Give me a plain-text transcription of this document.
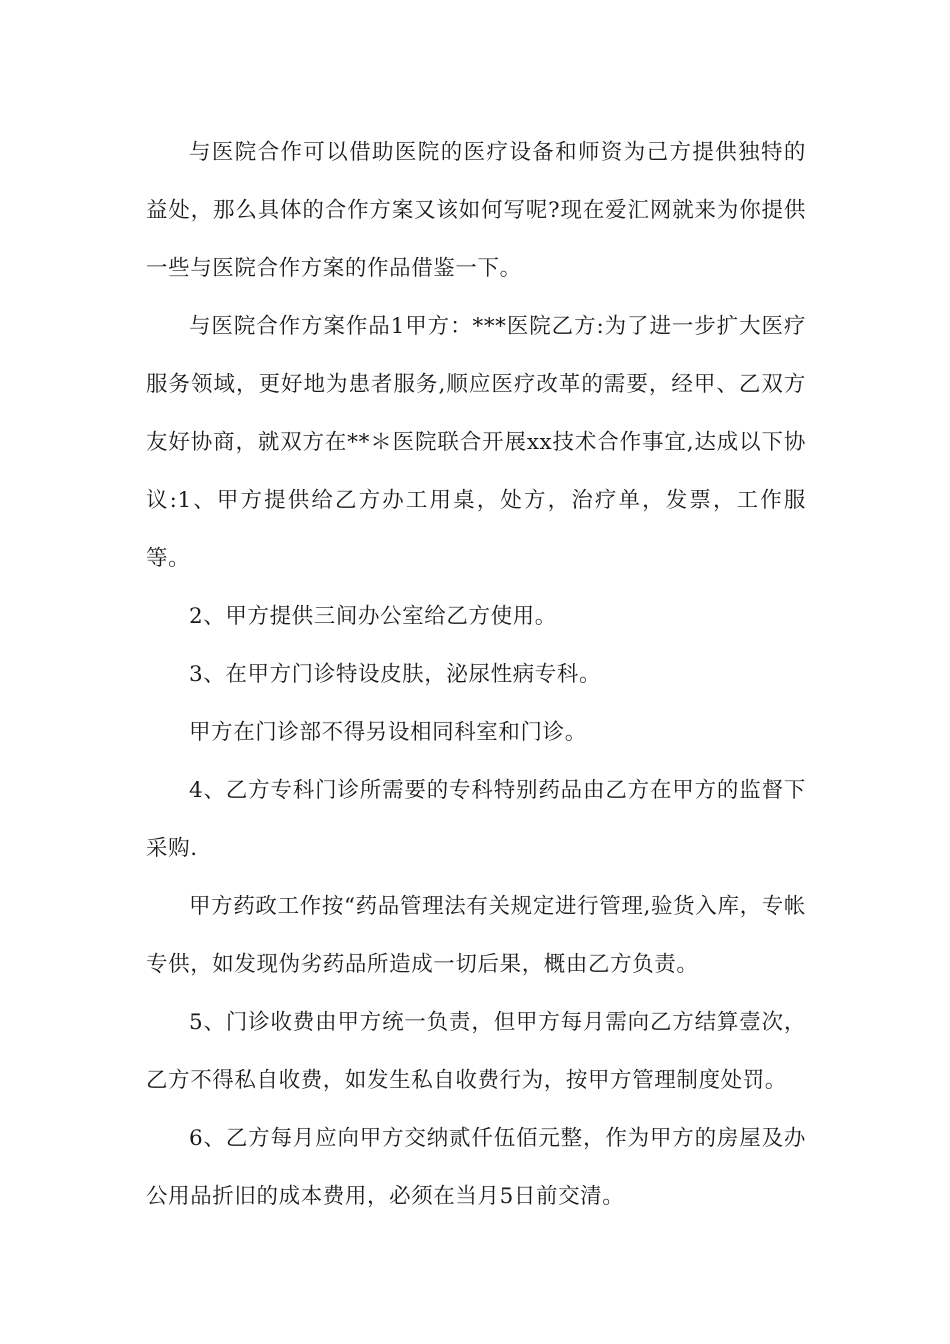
与医院合作可以借助医院的医疗设备和师资为己方提供独特的益处，那么具体的合作方案又该如何写呢?现在爱汇网就来为你提供一些与医院合作方案的作品借鉴一下。

与医院合作方案作品1甲方：***医院乙方:为了进一步扩大医疗服务领域，更好地为患者服务,顺应医疗改革的需要，经甲、乙双方友好协商，就双方在**＊医院联合开展xx技术合作事宜,达成以下协议:1、甲方提供给乙方办工用桌，处方，治疗单，发票，工作服等。

2、甲方提供三间办公室给乙方使用。

3、在甲方门诊特设皮肤，泌尿性病专科。

甲方在门诊部不得另设相同科室和门诊。

4、乙方专科门诊所需要的专科特别药品由乙方在甲方的监督下采购.

甲方药政工作按“药品管理法有关规定进行管理,验货入库，专帐专供，如发现伪劣药品所造成一切后果，概由乙方负责。

5、门诊收费由甲方统一负责，但甲方每月需向乙方结算壹次，乙方不得私自收费，如发生私自收费行为，按甲方管理制度处罚。

6、乙方每月应向甲方交纳贰仟伍佰元整，作为甲方的房屋及办公用品折旧的成本费用，必须在当月5日前交清。
